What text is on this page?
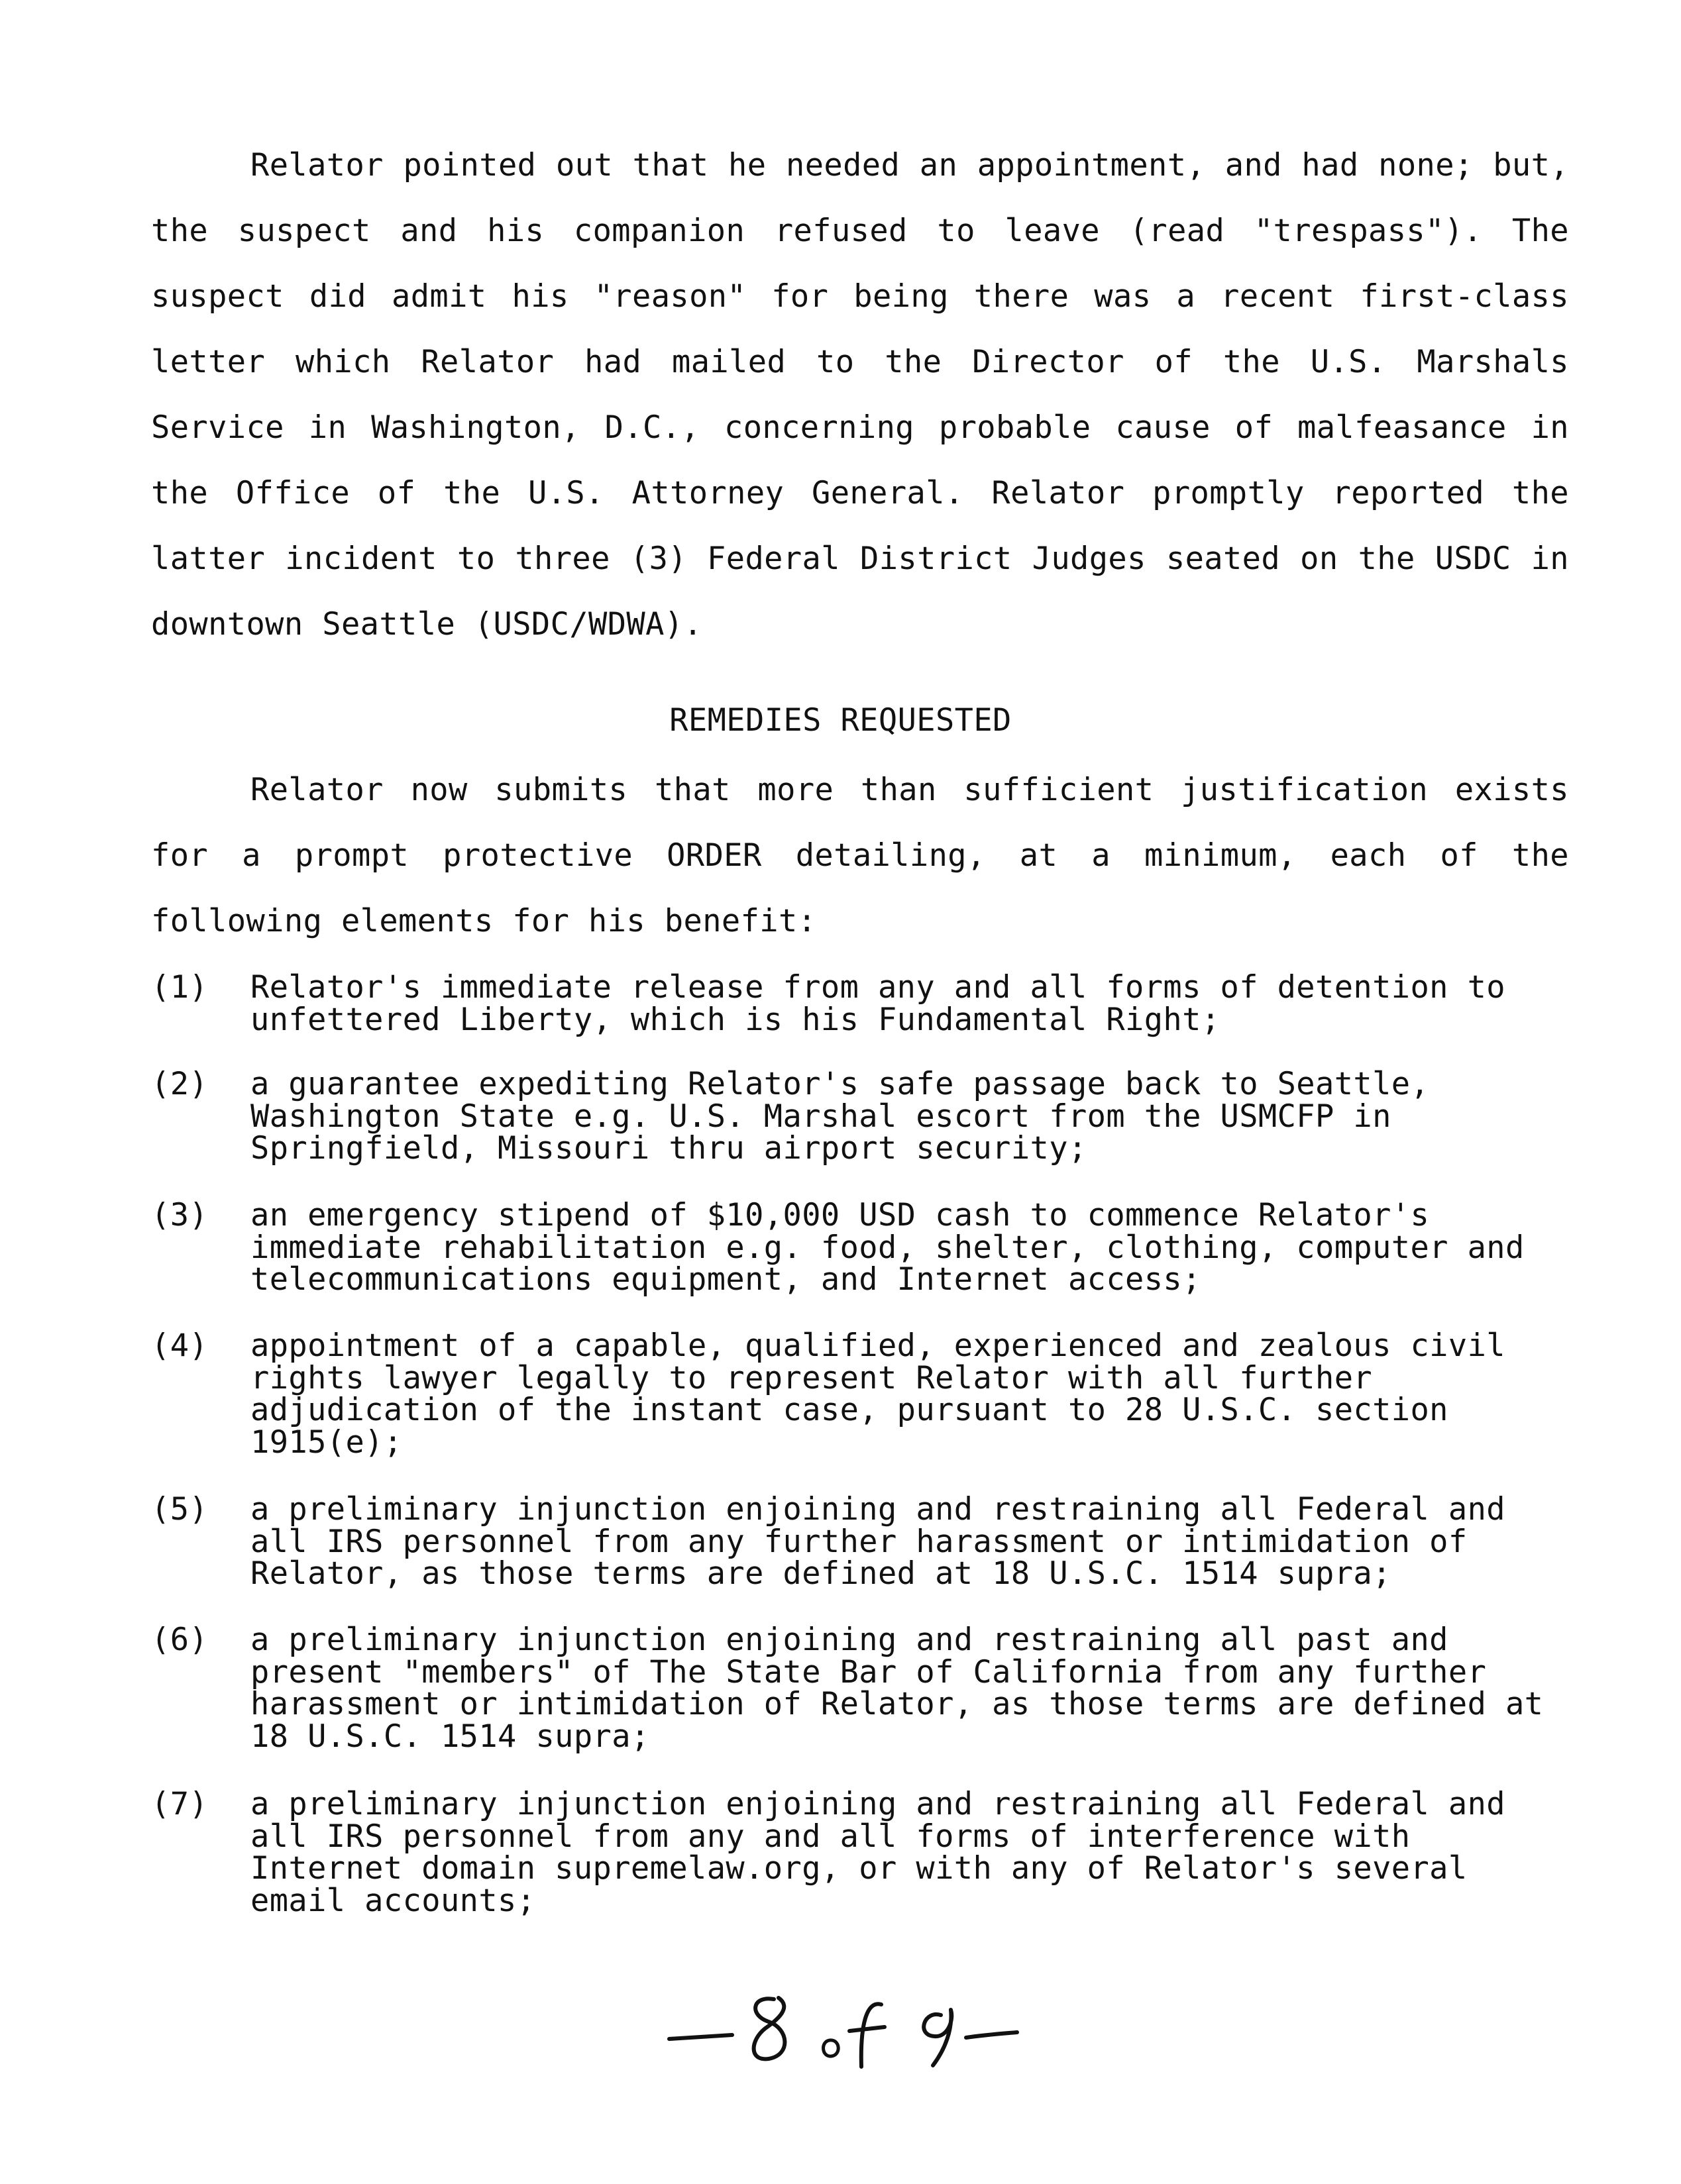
Relator pointed out that he needed an appointment, and had none; but, the suspect and his companion refused to leave (read "trespass"). The suspect did admit his "reason" for being there was a recent first-class letter which Relator had mailed to the Director of the U.S. Marshals Service in Washington, D.C., concerning probable cause of malfeasance in the Office of the U.S. Attorney General. Relator promptly reported the latter incident to three (3) Federal District Judges seated on the USDC in downtown Seattle (USDC/WDWA).

REMEDIES REQUESTED

Relator now submits that more than sufficient justification exists for a prompt protective ORDER detailing, at a minimum, each of the following elements for his benefit:

(1)	Relator's immediate release from any and all forms of detention to unfettered Liberty, which is his Fundamental Right;
(2)	a guarantee expediting Relator's safe passage back to Seattle, Washington State e.g. U.S. Marshal escort from the USMCFP in Springfield, Missouri thru airport security;
(3)	an emergency stipend of $10,000 USD cash to commence Relator's immediate rehabilitation e.g. food, shelter, clothing, computer and telecommunications equipment, and Internet access;
(4)	appointment of a capable, qualified, experienced and zealous civil rights lawyer legally to represent Relator with all further adjudication of the instant case, pursuant to 28 U.S.C. section 1915(e);
(5)	a preliminary injunction enjoining and restraining all Federal and all IRS personnel from any further harassment or intimidation of Relator, as those terms are defined at 18 U.S.C. 1514 supra;
(6)	a preliminary injunction enjoining and restraining all past and present "members" of The State Bar of California from any further harassment or intimidation of Relator, as those terms are defined at 18 U.S.C. 1514 supra;
(7)	a preliminary injunction enjoining and restraining all Federal and all IRS personnel from any and all forms of interference with Internet domain supremelaw.org, or with any of Relator's several email accounts;
